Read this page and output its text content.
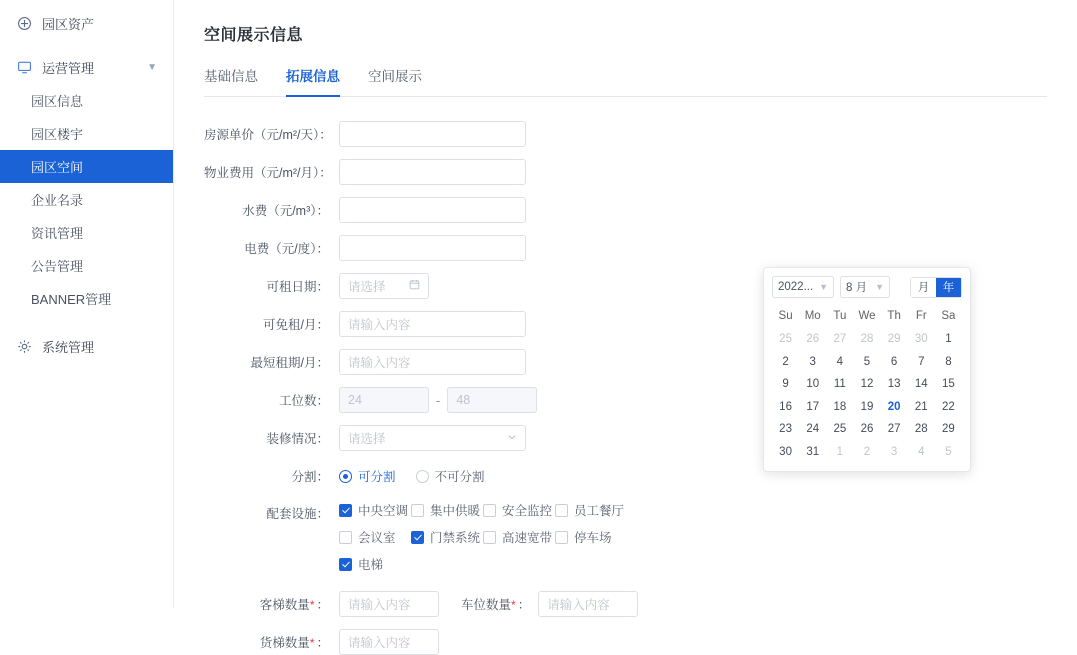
园区资产
运营管理	▼
园区信息
园区楼宇
园区空间
企业名录
资讯管理
公告管理
BANNER管理
系统管理
空间展示信息
基础信息 拓展信息 空间展示
房源单价（元/m²/天）：
物业费用（元/m²/月）：
水费（元/m³）：
电费（元/度）：
可租日期：	请选择
可免租/月：	请输入内容
最短租期/月：	请输入内容
工位数：	24	-	48
装修情况：	请选择
分割：	可分割	不可分割
配套设施：	中央空调 集中供暖 安全监控 员工餐厅
会议室	门禁系统 高速宽带 停车场
电梯
客梯数量* ：	请输入内容	车位数量* ：	请输入内容
货梯数量* ：	请输入内容
2022... ▼ 8 月 ▼	月	年
Su	Mo	Tu	We	Th	Fr	Sa
25	26	27	28	29	30	1
2	3	4	5	6	7	8
9	10	11	12	13	14	15
16	17	18	19	20	21	22
23	24	25	26	27	28	29
30	31	1	2	3	4	5
